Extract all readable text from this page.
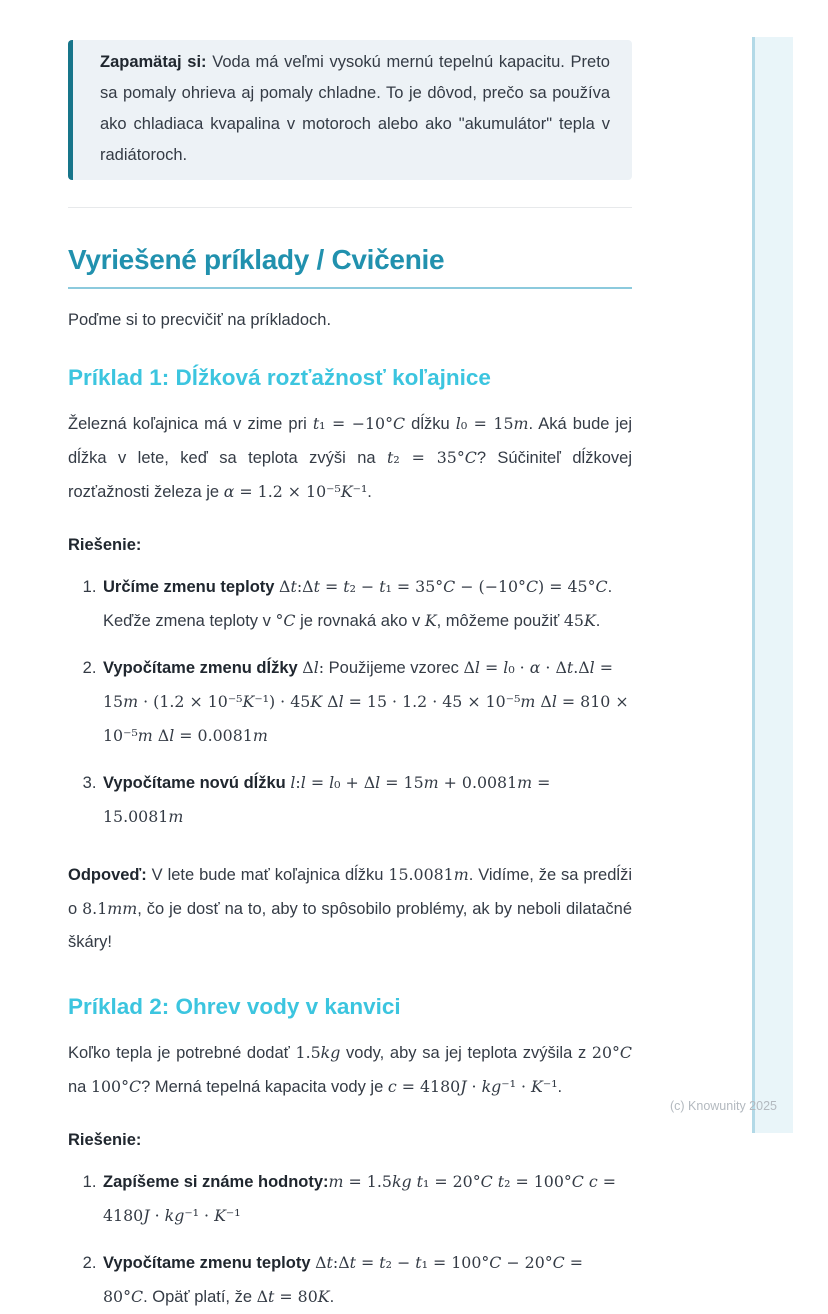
Zapamätaj si: Voda má veľmi vysokú mernú tepelnú kapacitu. Preto sa pomaly ohrieva aj pomaly chladne. To je dôvod, prečo sa používa ako chladiaca kvapalina v motoroch alebo ako "akumulátor" tepla v radiátoroch.
Vyriešené príklady / Cvičenie

Poďme si to precvičiť na príkladoch.

Príklad 1: Dĺžková rozťažnosť koľajnice

Železná koľajnica má v zime pri t₁ = −10°C dĺžku l₀ = 15m. Aká bude jej dĺžka v lete, keď sa teplota zvýši na t₂ = 35°C? Súčiniteľ dĺžkovej rozťažnosti železa je α = 1.2 × 10⁻⁵K⁻¹.

Riešenie:

1. Určíme zmenu teploty Δt:Δt = t₂ − t₁ = 35°C − (−10°C) = 45°C. Keďže zmena teploty v °C je rovnaká ako v K, môžeme použiť 45K.
2. Vypočítame zmenu dĺžky Δl: Použijeme vzorec Δl = l₀ · α · Δt.Δl = 15m · (1.2 × 10⁻⁵K⁻¹) · 45K Δl = 15 · 1.2 · 45 × 10⁻⁵m Δl = 810 × 10⁻⁵m Δl = 0.0081m
3. Vypočítame novú dĺžku l:l = l₀ + Δl = 15m + 0.0081m = 15.0081m

Odpoveď: V lete bude mať koľajnica dĺžku 15.0081m. Vidíme, že sa predĺži o 8.1mm, čo je dosť na to, aby to spôsobilo problémy, ak by neboli dilatačné škáry!

Príklad 2: Ohrev vody v kanvici

Koľko tepla je potrebné dodať 1.5kg vody, aby sa jej teplota zvýšila z 20°C na 100°C? Merná tepelná kapacita vody je c = 4180J · kg⁻¹ · K⁻¹.

Riešenie:

1. Zapíšeme si známe hodnoty:m = 1.5kg t₁ = 20°C t₂ = 100°C c = 4180J · kg⁻¹ · K⁻¹
2. Vypočítame zmenu teploty Δt:Δt = t₂ − t₁ = 100°C − 20°C = 80°C. Opäť platí, že Δt = 80K.
(c) Knowunity 2025
